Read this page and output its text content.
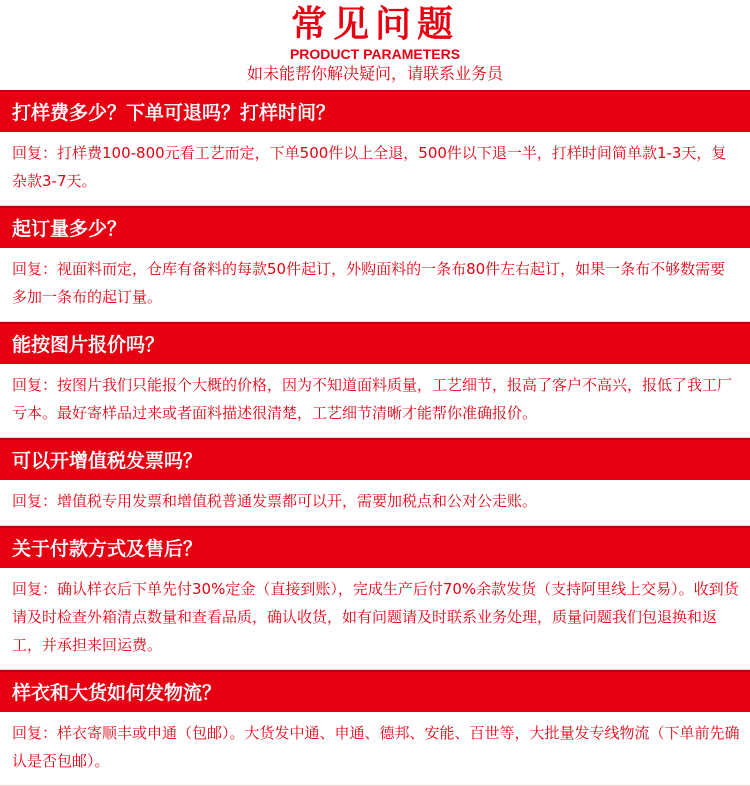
常见问题
PRODUCT PARAMETERS
如未能帮你解决疑问，请联系业务员
打样费多少？下单可退吗？打样时间？
回复：打样费100-800元看工艺而定，下单500件以上全退，500件以下退一半，打样时间简单款1-3天，复杂款3-7天。
起订量多少？
回复：视面料而定，仓库有备料的每款50件起订，外购面料的一条布80件左右起订，如果一条布不够数需要多加一条布的起订量。
能按图片报价吗？
回复：按图片我们只能报个大概的价格，因为不知道面料质量，工艺细节，报高了客户不高兴，报低了我工厂亏本。最好寄样品过来或者面料描述很清楚，工艺细节清晰才能帮你准确报价。
可以开增值税发票吗？
回复：增值税专用发票和增值税普通发票都可以开，需要加税点和公对公走账。
关于付款方式及售后？
回复：确认样衣后下单先付30%定金（直接到账），完成生产后付70%余款发货（支持阿里线上交易）。收到货请及时检查外箱清点数量和查看品质，确认收货，如有问题请及时联系业务处理，质量问题我们包退换和返工，并承担来回运费。
样衣和大货如何发物流？
回复：样衣寄顺丰或申通（包邮）。大货发中通、申通、德邦、安能、百世等，大批量发专线物流（下单前先确认是否包邮）。
